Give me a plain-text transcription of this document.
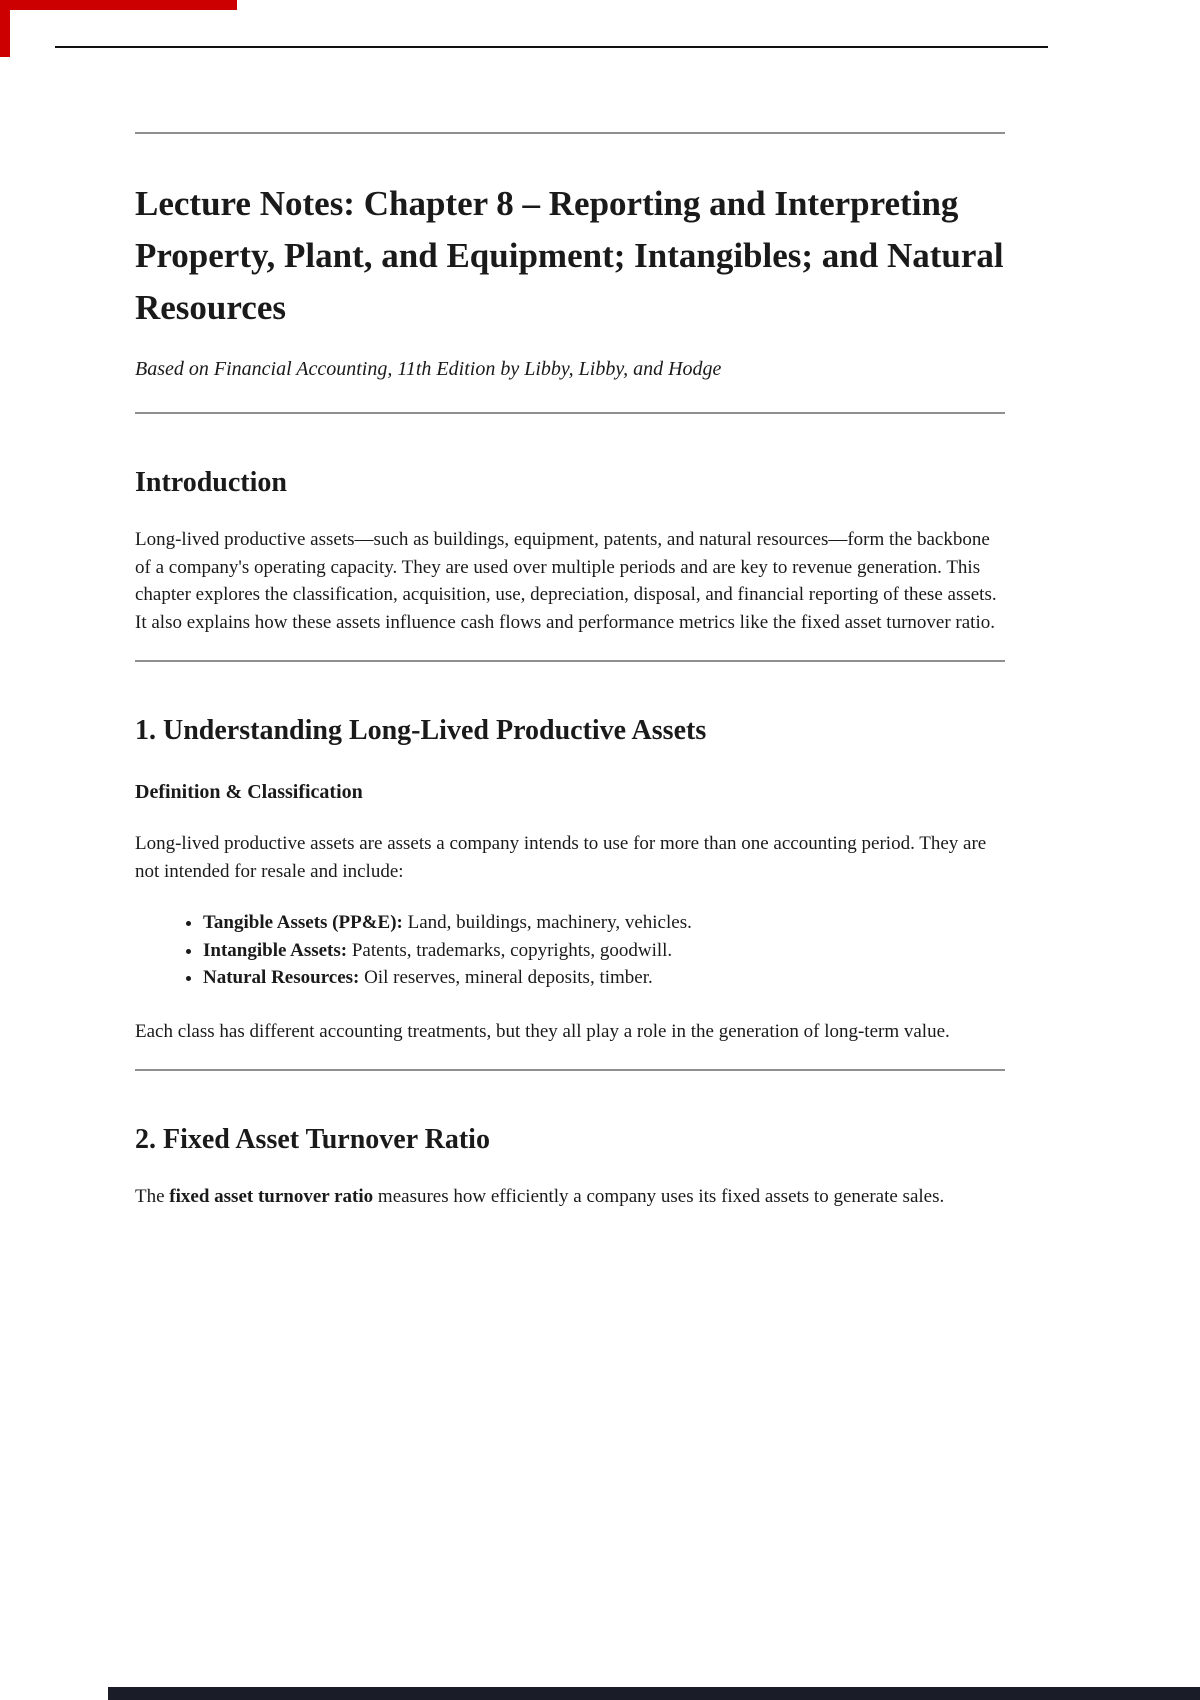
Lecture Notes: Chapter 8 – Reporting and Interpreting Property, Plant, and Equipment; Intangibles; and Natural Resources

Based on Financial Accounting, 11th Edition by Libby, Libby, and Hodge

Introduction

Long-lived productive assets—such as buildings, equipment, patents, and natural resources—form the backbone of a company's operating capacity. They are used over multiple periods and are key to revenue generation. This chapter explores the classification, acquisition, use, depreciation, disposal, and financial reporting of these assets. It also explains how these assets influence cash flows and performance metrics like the fixed asset turnover ratio.

1. Understanding Long-Lived Productive Assets
Definition & Classification

Long-lived productive assets are assets a company intends to use for more than one accounting period. They are not intended for resale and include:

• Tangible Assets (PP&E): Land, buildings, machinery, vehicles.
• Intangible Assets: Patents, trademarks, copyrights, goodwill.
• Natural Resources: Oil reserves, mineral deposits, timber.

Each class has different accounting treatments, but they all play a role in the generation of long-term value.

2. Fixed Asset Turnover Ratio

The fixed asset turnover ratio measures how efficiently a company uses its fixed assets to generate sales.
